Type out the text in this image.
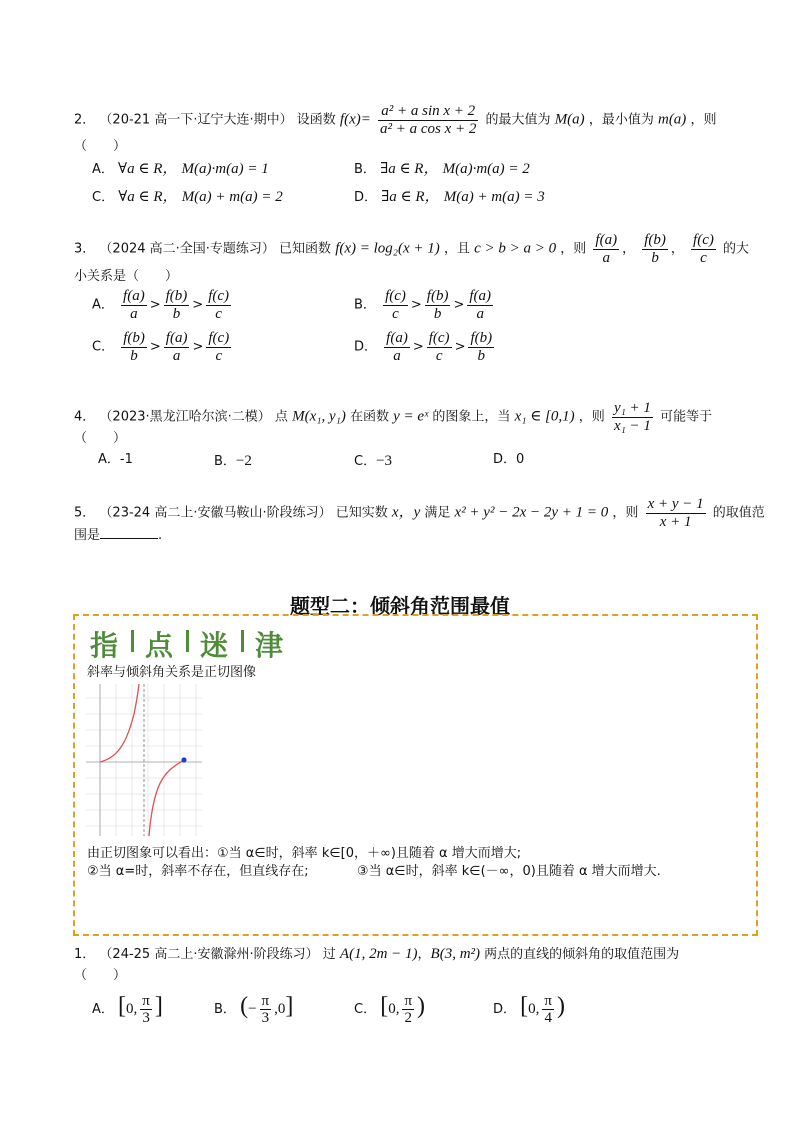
2． （20-21 高一下·辽宁大连·期中） 设函数 $f(x)= \frac{\text{a² + a sin x + 2}}{\text{a² + a cos x + 2}}$ 的最大值为 M(a) ，最小值为 m(a) ，则
（　　）
A． ∀a ∈ R， M(a)·m(a) = 1	B． ∃a ∈ R， M(a)·m(a) = 2
C． ∀a ∈ R， M(a) + m(a) = 2	D． ∃a ∈ R， M(a) + m(a) = 3
3． （2024 高二·全国·专题练习） 已知函数 f(x) = log₂(x + 1) ，且 c > b > a > 0 ，则 $\frac{f(a)}{a}$ ， $\frac{f(b)}{b}$ ， $\frac{f(c)}{c}$ 的大
小关系是（　　）
A． $\frac{f(a)}{a} > \frac{f(b)}{b} > \frac{f(c)}{c}$	B． $\frac{f(c)}{c} > \frac{f(b)}{b} > \frac{f(a)}{a}$
C． $\frac{f(b)}{b} > \frac{f(a)}{a} > \frac{f(c)}{c}$	D． $\frac{f(a)}{a} > \frac{f(c)}{c} > \frac{f(b)}{b}$
4． （2023·黑龙江哈尔滨·二模） 点 M(x₁, y₁) 在函数 y = eˣ 的图象上，当 x₁ ∈ [0,1) ，则 $\frac{\text{y₁ + 1}}{\text{x₁ − 1}}$ 可能等于
（　　）
A．-1	B．−2	C．−3	D．0
5． （23-24 高二上·安徽马鞍山·阶段练习） 已知实数 x，y 满足 x² + y² − 2x − 2y + 1 = 0 ，则 $\frac{x + y - 1}{x + 1}$ 的取值范
围是	.
题型二：倾斜角范围最值
指 点 迷 津
斜率与倾斜角关系是正切图像
由正切图象可以看出：①当 α∈时，斜率 k∈[0，＋∞)且随着 α 增大而增大;
②当 α=时，斜率不存在，但直线存在;	③当 α∈时，斜率 k∈(－∞，0)且随着 α 增大而增大.
1． （24-25 高二上·安徽滁州·阶段练习） 过 A(1, 2m − 1)，B(3, m²) 两点的直线的倾斜角的取值范围为
（　　）
A． [0, $\frac{\pi}{3}$ ]	B． (− $\frac{\pi}{3} ,0$]	C． [0, $\frac{\pi}{2}$ )	D． [0, $\frac{\pi}{4}$ )
